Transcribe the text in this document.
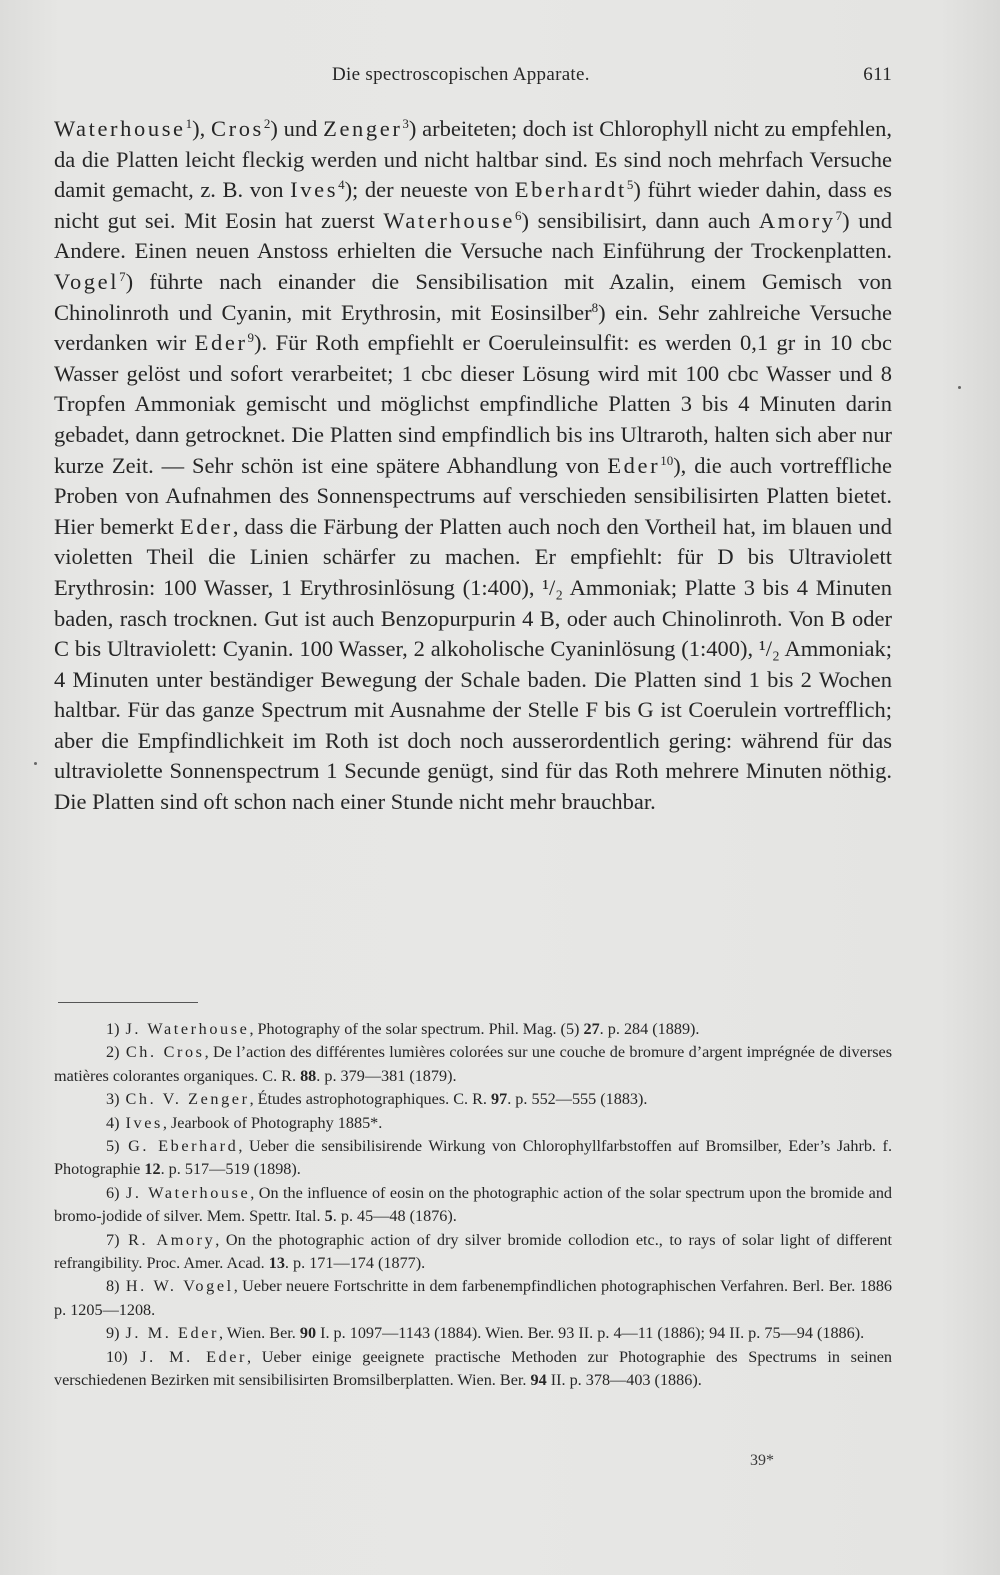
Die spectroscopischen Apparate.	611

Waterhouse$^1$), Cros$^2$) und Zenger$^3$) arbeiteten; doch ist Chlorophyll nicht zu empfehlen, da die Platten leicht fleckig werden und nicht haltbar sind. Es sind noch mehrfach Versuche damit gemacht, z. B. von Ives$^4$); der neueste von Eberhardt$^5$) führt wieder dahin, dass es nicht gut sei. Mit Eosin hat zuerst Waterhouse$^6$) sensibilisirt, dann auch Amory$^7$) und Andere. Einen neuen Anstoss erhielten die Versuche nach Einführung der Trockenplatten. Vogel$^7$) führte nach einander die Sensibilisation mit Azalin, einem Gemisch von Chinolinroth und Cyanin, mit Erythrosin, mit Eosinsilber$^8$) ein. Sehr zahlreiche Versuche verdanken wir Eder$^9$). Für Roth empfiehlt er Coeruleinsulfit: es werden 0,1 gr in 10 cbc Wasser gelöst und sofort verarbeitet; 1 cbc dieser Lösung wird mit 100 cbc Wasser und 8 Tropfen Ammoniak gemischt und möglichst empfindliche Platten 3 bis 4 Minuten darin gebadet, dann getrocknet. Die Platten sind empfindlich bis ins Ultraroth, halten sich aber nur kurze Zeit. — Sehr schön ist eine spätere Abhandlung von Eder$^{10}$), die auch vortreffliche Proben von Aufnahmen des Sonnenspectrums auf verschieden sensibilisirten Platten bietet. Hier bemerkt Eder, dass die Färbung der Platten auch noch den Vortheil hat, im blauen und violetten Theil die Linien schärfer zu machen. Er empfiehlt: für D bis Ultraviolett Erythrosin: 100 Wasser, 1 Erythrosinlösung (1:400), ¹/₂ Ammoniak; Platte 3 bis 4 Minuten baden, rasch trocknen. Gut ist auch Benzopurpurin 4 B, oder auch Chinolinroth. Von B oder C bis Ultraviolett: Cyanin. 100 Wasser, 2 alkoholische Cyaninlösung (1:400), ¹/₂ Ammoniak; 4 Minuten unter beständiger Bewegung der Schale baden. Die Platten sind 1 bis 2 Wochen haltbar. Für das ganze Spectrum mit Ausnahme der Stelle F bis G ist Coerulein vortrefflich; aber die Empfindlichkeit im Roth ist doch noch ausserordentlich gering: während für das ultraviolette Sonnenspectrum 1 Secunde genügt, sind für das Roth mehrere Minuten nöthig. Die Platten sind oft schon nach einer Stunde nicht mehr brauchbar.

1) J. Waterhouse, Photography of the solar spectrum. Phil. Mag. (5) 27. p. 284 (1889).

2) Ch. Cros, De l’action des différentes lumières colorées sur une couche de bromure d’argent imprégnée de diverses matières colorantes organiques. C. R. 88. p. 379—381 (1879).

3) Ch. V. Zenger, Études astrophotographiques. C. R. 97. p. 552—555 (1883).

4) Ives, Jearbook of Photography 1885*.

5) G. Eberhard, Ueber die sensibilisirende Wirkung von Chlorophyllfarbstoffen auf Bromsilber, Eder’s Jahrb. f. Photographie 12. p. 517—519 (1898).

6) J. Waterhouse, On the influence of eosin on the photographic action of the solar spectrum upon the bromide and bromo-jodide of silver. Mem. Spettr. Ital. 5. p. 45—48 (1876).

7) R. Amory, On the photographic action of dry silver bromide collodion etc., to rays of solar light of different refrangibility. Proc. Amer. Acad. 13. p. 171—174 (1877).

8) H. W. Vogel, Ueber neuere Fortschritte in dem farbenempfindlichen photographischen Verfahren. Berl. Ber. 1886 p. 1205—1208.

9) J. M. Eder, Wien. Ber. 90 I. p. 1097—1143 (1884). Wien. Ber. 93 II. p. 4—11 (1886); 94 II. p. 75—94 (1886).

10) J. M. Eder, Ueber einige geeignete practische Methoden zur Photographie des Spectrums in seinen verschiedenen Bezirken mit sensibilisirten Bromsilberplatten. Wien. Ber. 94 II. p. 378—403 (1886).

39*
